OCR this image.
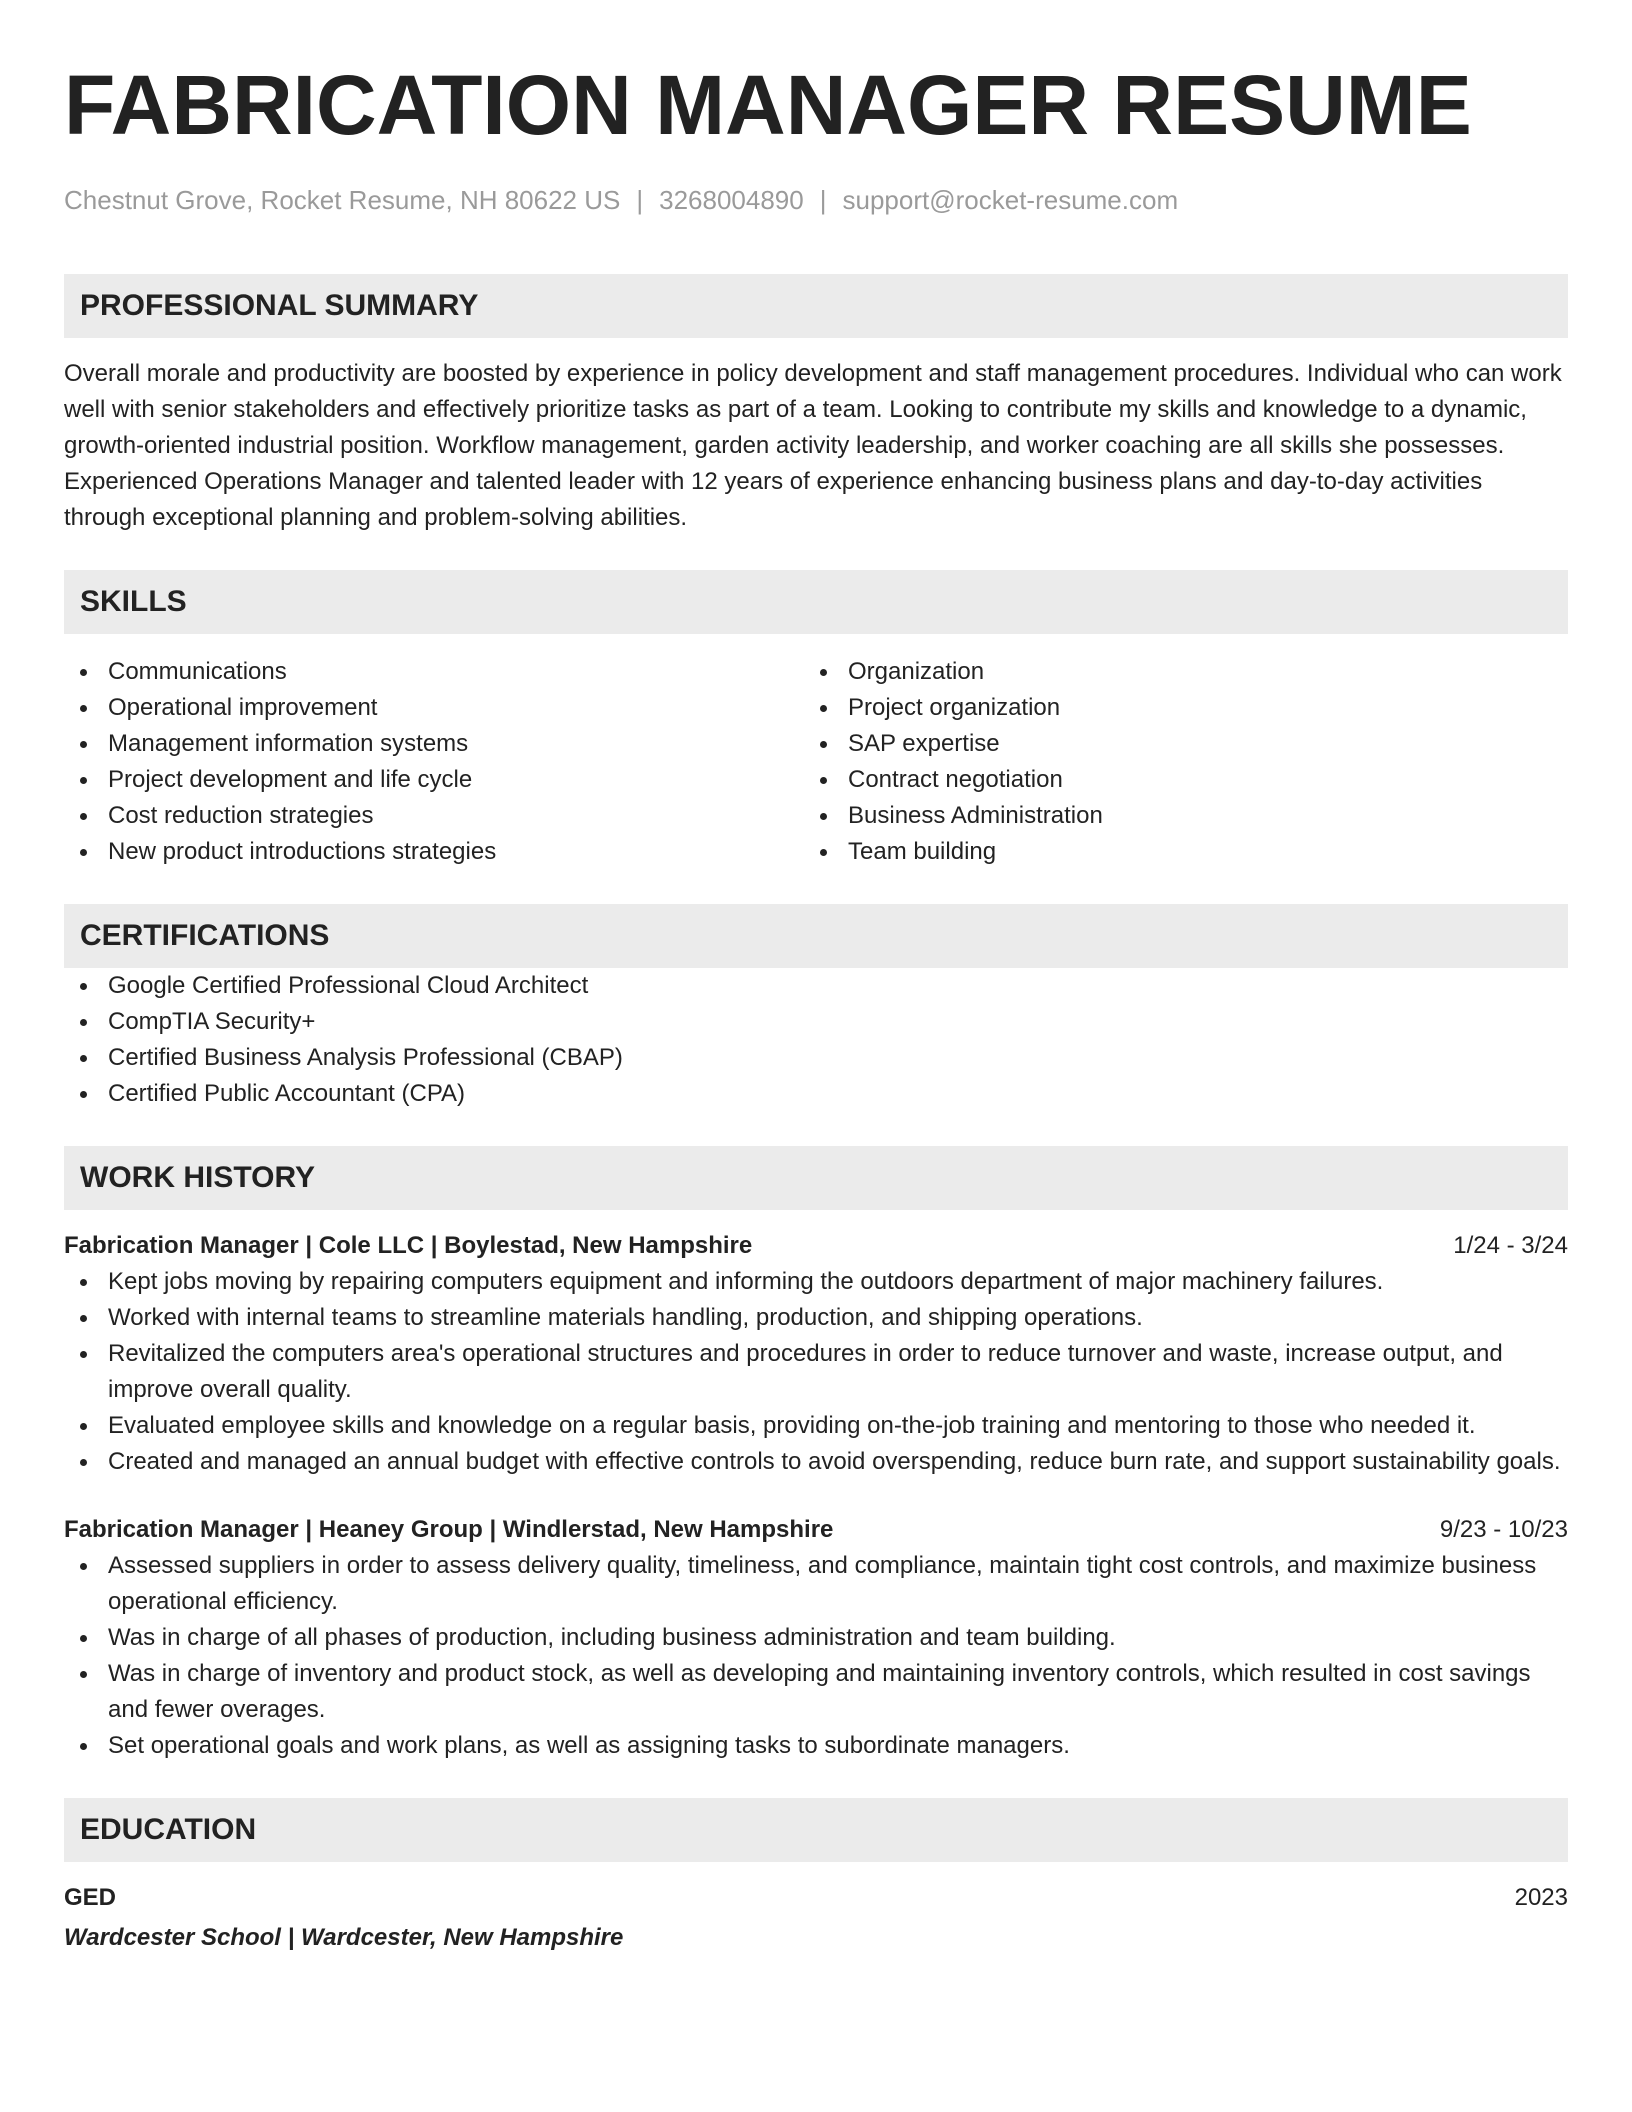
FABRICATION MANAGER RESUME
Chestnut Grove, Rocket Resume, NH 80622 US | 3268004890 | support@rocket-resume.com
PROFESSIONAL SUMMARY

Overall morale and productivity are boosted by experience in policy development and staff management procedures. Individual who can work well with senior stakeholders and effectively prioritize tasks as part of a team. Looking to contribute my skills and knowledge to a dynamic, growth-oriented industrial position. Workflow management, garden activity leadership, and worker coaching are all skills she possesses. Experienced Operations Manager and talented leader with 12 years of experience enhancing business plans and day-to-day activities through exceptional planning and problem-solving abilities.

SKILLS
Communications
Operational improvement
Management information systems
Project development and life cycle
Cost reduction strategies
New product introductions strategies
Organization
Project organization
SAP expertise
Contract negotiation
Business Administration
Team building
CERTIFICATIONS
Google Certified Professional Cloud Architect
CompTIA Security+
Certified Business Analysis Professional (CBAP)
Certified Public Accountant (CPA)
WORK HISTORY
Fabrication Manager | Cole LLC | Boylestad, New Hampshire	1/24 - 3/24
Kept jobs moving by repairing computers equipment and informing the outdoors department of major machinery failures.
Worked with internal teams to streamline materials handling, production, and shipping operations.
Revitalized the computers area's operational structures and procedures in order to reduce turnover and waste, increase output, and improve overall quality.
Evaluated employee skills and knowledge on a regular basis, providing on-the-job training and mentoring to those who needed it.
Created and managed an annual budget with effective controls to avoid overspending, reduce burn rate, and support sustainability goals.
Fabrication Manager | Heaney Group | Windlerstad, New Hampshire	9/23 - 10/23
Assessed suppliers in order to assess delivery quality, timeliness, and compliance, maintain tight cost controls, and maximize business operational efficiency.
Was in charge of all phases of production, including business administration and team building.
Was in charge of inventory and product stock, as well as developing and maintaining inventory controls, which resulted in cost savings and fewer overages.
Set operational goals and work plans, as well as assigning tasks to subordinate managers.
EDUCATION
GED	2023
Wardcester School | Wardcester, New Hampshire
